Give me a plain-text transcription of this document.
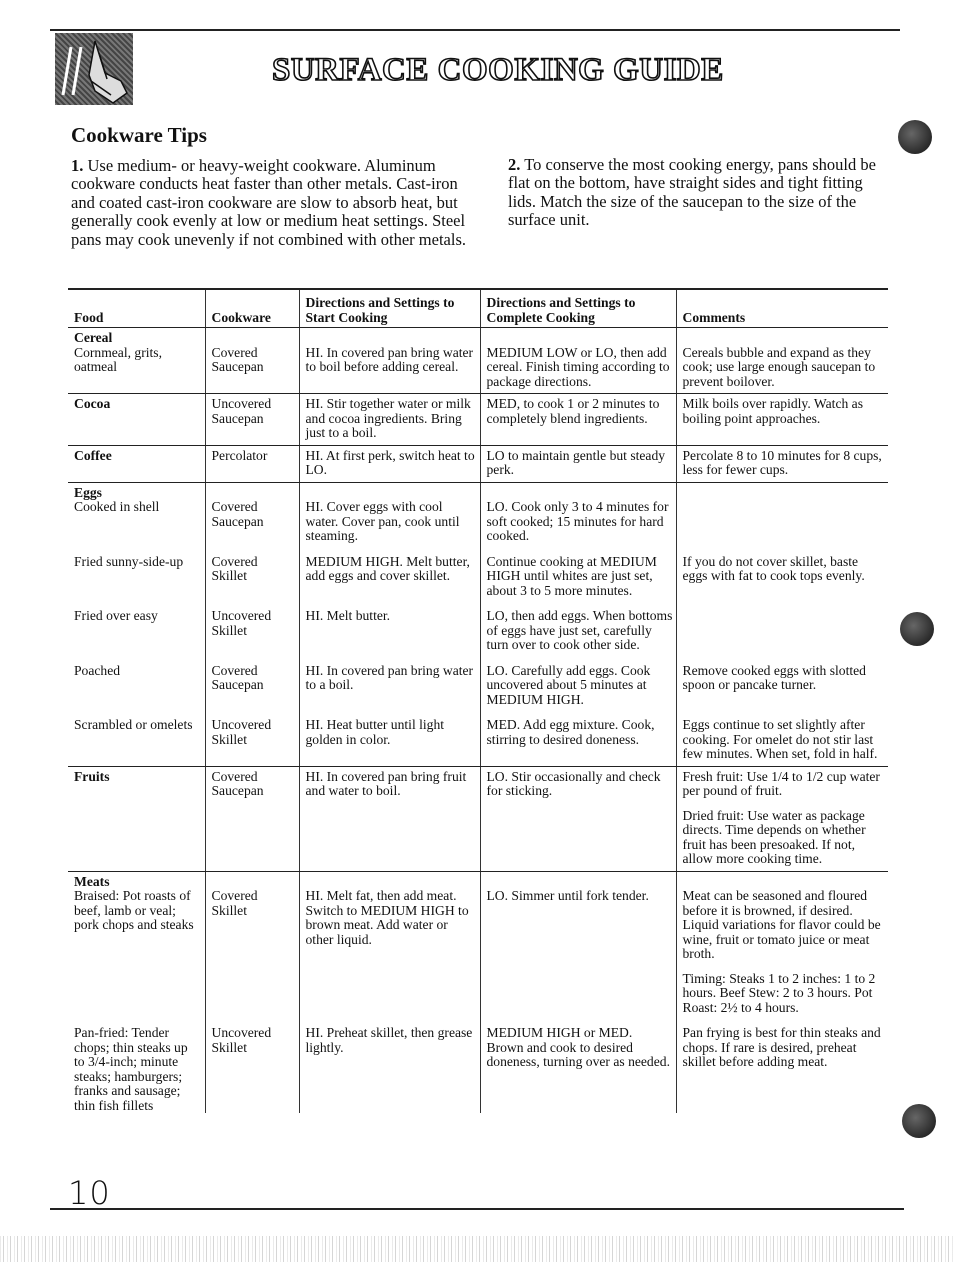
SURFACE COOKING GUIDE
Cookware Tips

1. Use medium- or heavy-weight cookware. Aluminum cookware conducts heat faster than other metals. Cast-iron and coated cast-iron cookware are slow to absorb heat, but generally cook evenly at low or medium heat settings. Steel pans may cook unevenly if not combined with other metals.

2. To conserve the most cooking energy, pans should be flat on the bottom, have straight sides and tight fitting lids. Match the size of the saucepan to the size of the surface unit.

Food	Cookware	Directions and Settings to Start Cooking	Directions and Settings to Complete Cooking	Comments

Cereal
Cornmeal, grits, oatmeal	Covered Saucepan	HI. In covered pan bring water to boil before adding cereal.	MEDIUM LOW or LO, then add cereal. Finish timing according to package directions.	Cereals bubble and expand as they cook; use large enough saucepan to prevent boilover.

Cocoa	Uncovered Saucepan	HI. Stir together water or milk and cocoa ingredients. Bring just to a boil.	MED, to cook 1 or 2 minutes to completely blend ingredients.	Milk boils over rapidly. Watch as boiling point approaches.

Coffee	Percolator	HI. At first perk, switch heat to LO.	LO to maintain gentle but steady perk.	Percolate 8 to 10 minutes for 8 cups, less for fewer cups.

Eggs
Cooked in shell	Covered Saucepan	HI. Cover eggs with cool water. Cover pan, cook until steaming.	LO. Cook only 3 to 4 minutes for soft cooked; 15 minutes for hard cooked.	

Fried sunny-side-up	Covered Skillet	MEDIUM HIGH. Melt butter, add eggs and cover skillet.	Continue cooking at MEDIUM HIGH until whites are just set, about 3 to 5 more minutes.	If you do not cover skillet, baste eggs with fat to cook tops evenly.
Fried over easy	Uncovered Skillet	HI. Melt butter.	LO, then add eggs. When bottoms of eggs have just set, carefully turn over to cook other side.	
Poached	Covered Saucepan	HI. In covered pan bring water to a boil.	LO. Carefully add eggs. Cook uncovered about 5 minutes at MEDIUM HIGH.	Remove cooked eggs with slotted spoon or pancake turner.
Scrambled or omelets	Uncovered Skillet	HI. Heat butter until light golden in color.	MED. Add egg mixture. Cook, stirring to desired doneness.	Eggs continue to set slightly after cooking. For omelet do not stir last few minutes. When set, fold in half.

Fruits	Covered Saucepan	HI. In covered pan bring fruit and water to boil.	LO. Stir occasionally and check for sticking.	Fresh fruit: Use 1/4 to 1/2 cup water per pound of fruit.
Dried fruit: Use water as package directs. Time depends on whether fruit has been presoaked. If not, allow more cooking time.

Meats
Braised: Pot roasts of beef, lamb or veal; pork chops and steaks	Covered Skillet	HI. Melt fat, then add meat. Switch to MEDIUM HIGH to brown meat. Add water or other liquid.	LO. Simmer until fork tender.	Meat can be seasoned and floured before it is browned, if desired. Liquid variations for flavor could be wine, fruit or tomato juice or meat broth.
Timing: Steaks 1 to 2 inches: 1 to 2 hours. Beef Stew: 2 to 3 hours. Pot Roast: 2½ to 4 hours.

Pan-fried: Tender chops; thin steaks up to 3/4-inch; minute steaks; hamburgers; franks and sausage; thin fish fillets	Uncovered Skillet	HI. Preheat skillet, then grease lightly.	MEDIUM HIGH or MED. Brown and cook to desired doneness, turning over as needed.	Pan frying is best for thin steaks and chops. If rare is desired, preheat skillet before adding meat.

10
